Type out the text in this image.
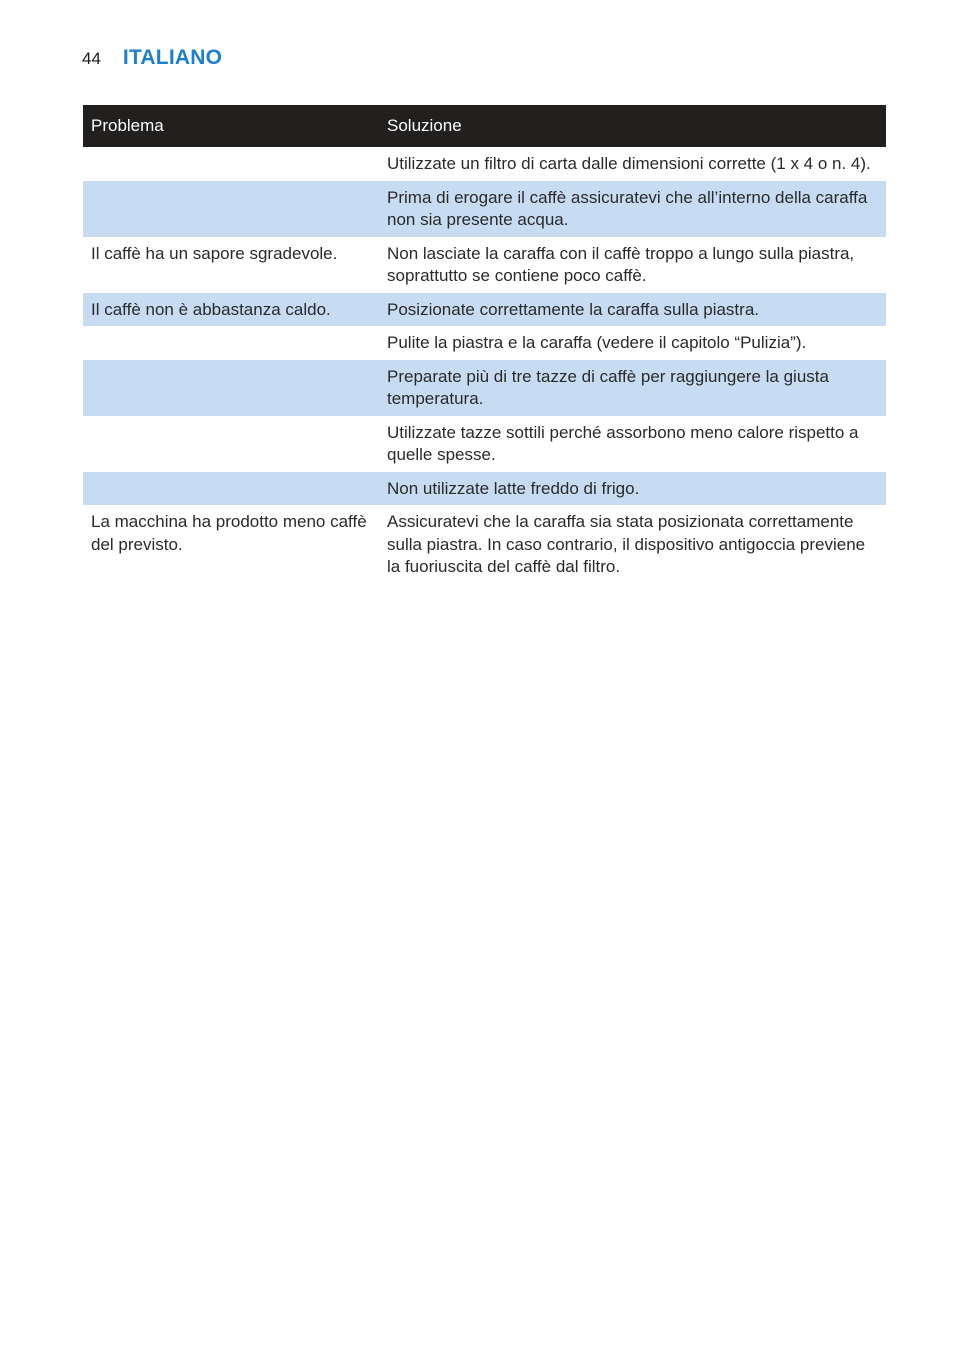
44 ITALIANO
Problema	Soluzione
	Utilizzate un filtro di carta dalle dimensioni corrette (1 x 4 o n. 4).
	Prima di erogare il caffè assicuratevi che all’interno della caraffa non sia presente acqua.
Il caffè ha un sapore sgradevole.	Non lasciate la caraffa con il caffè troppo a lungo sulla piastra, soprattutto se contiene poco caffè.
Il caffè non è abbastanza caldo.	Posizionate correttamente la caraffa sulla piastra.
	Pulite la piastra e la caraffa (vedere il capitolo “Pulizia”).
	Preparate più di tre tazze di caffè per raggiungere la giusta temperatura.
	Utilizzate tazze sottili perché assorbono meno calore rispetto a quelle spesse.
	Non utilizzate latte freddo di frigo.
La macchina ha prodotto meno caffè del previsto.	Assicuratevi che la caraffa sia stata posizionata correttamente sulla piastra. In caso contrario, il dispositivo antigoccia previene la fuoriuscita del caffè dal filtro.
